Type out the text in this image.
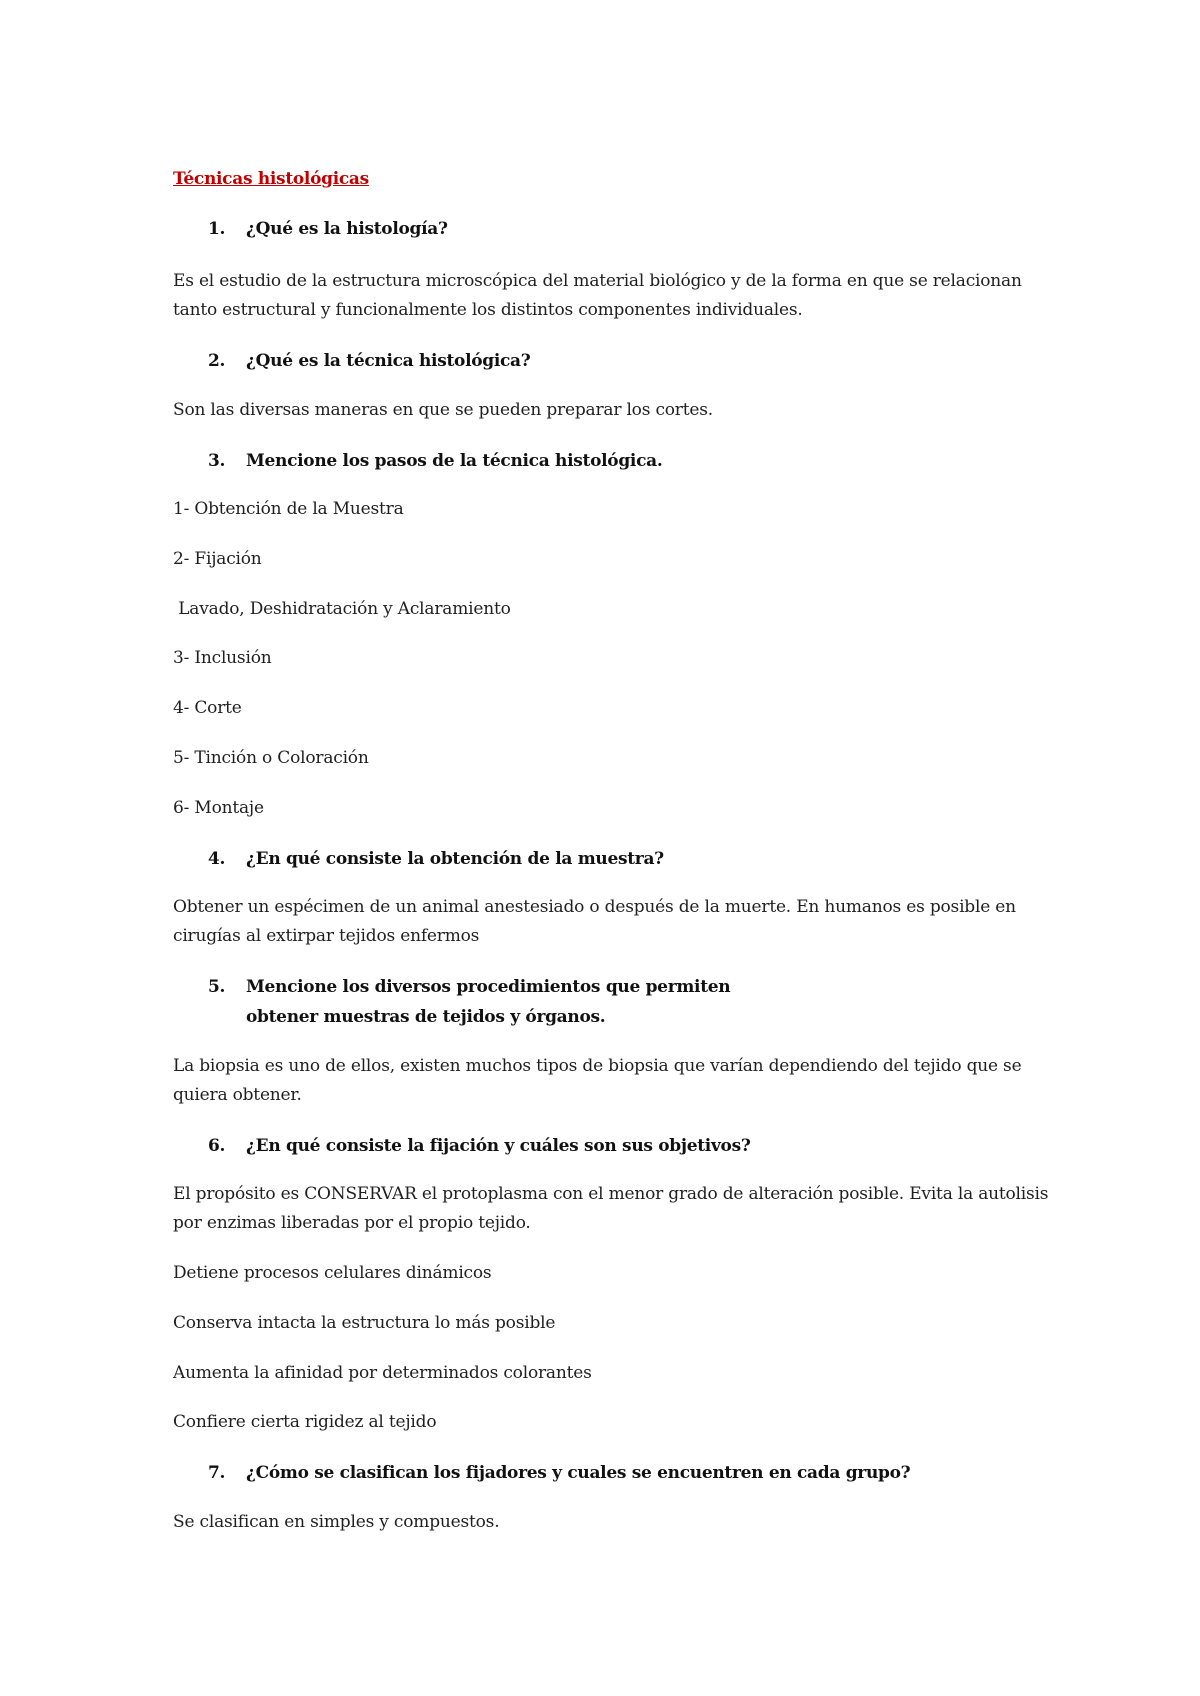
Técnicas histológicas
1. ¿Qué es la histología?

Es el estudio de la estructura microscópica del material biológico y de la forma en que se relacionan tanto estructural y funcionalmente los distintos componentes individuales.

2. ¿Qué es la técnica histológica?

Son las diversas maneras en que se pueden preparar los cortes.

3. Mencione los pasos de la técnica histológica.

1- Obtención de la Muestra

2- Fijación

Lavado, Deshidratación y Aclaramiento

3- Inclusión

4- Corte

5- Tinción o Coloración

6- Montaje

4. ¿En qué consiste la obtención de la muestra?

Obtener un espécimen de un animal anestesiado o después de la muerte. En humanos es posible en cirugías al extirpar tejidos enfermos

5. Mencione los diversos procedimientos que permiten obtener muestras de tejidos y órganos.

La biopsia es uno de ellos, existen muchos tipos de biopsia que varían dependiendo del tejido que se quiera obtener.

6. ¿En qué consiste la fijación y cuáles son sus objetivos?

El propósito es CONSERVAR el protoplasma con el menor grado de alteración posible. Evita la autolisis  por enzimas liberadas por el propio tejido.

Detiene procesos celulares dinámicos

Conserva intacta la estructura lo más posible

Aumenta la afinidad por determinados colorantes

Confiere cierta rigidez al tejido

7. ¿Cómo se clasifican los fijadores y cuales se encuentren en cada grupo?

Se clasifican en simples y compuestos.
